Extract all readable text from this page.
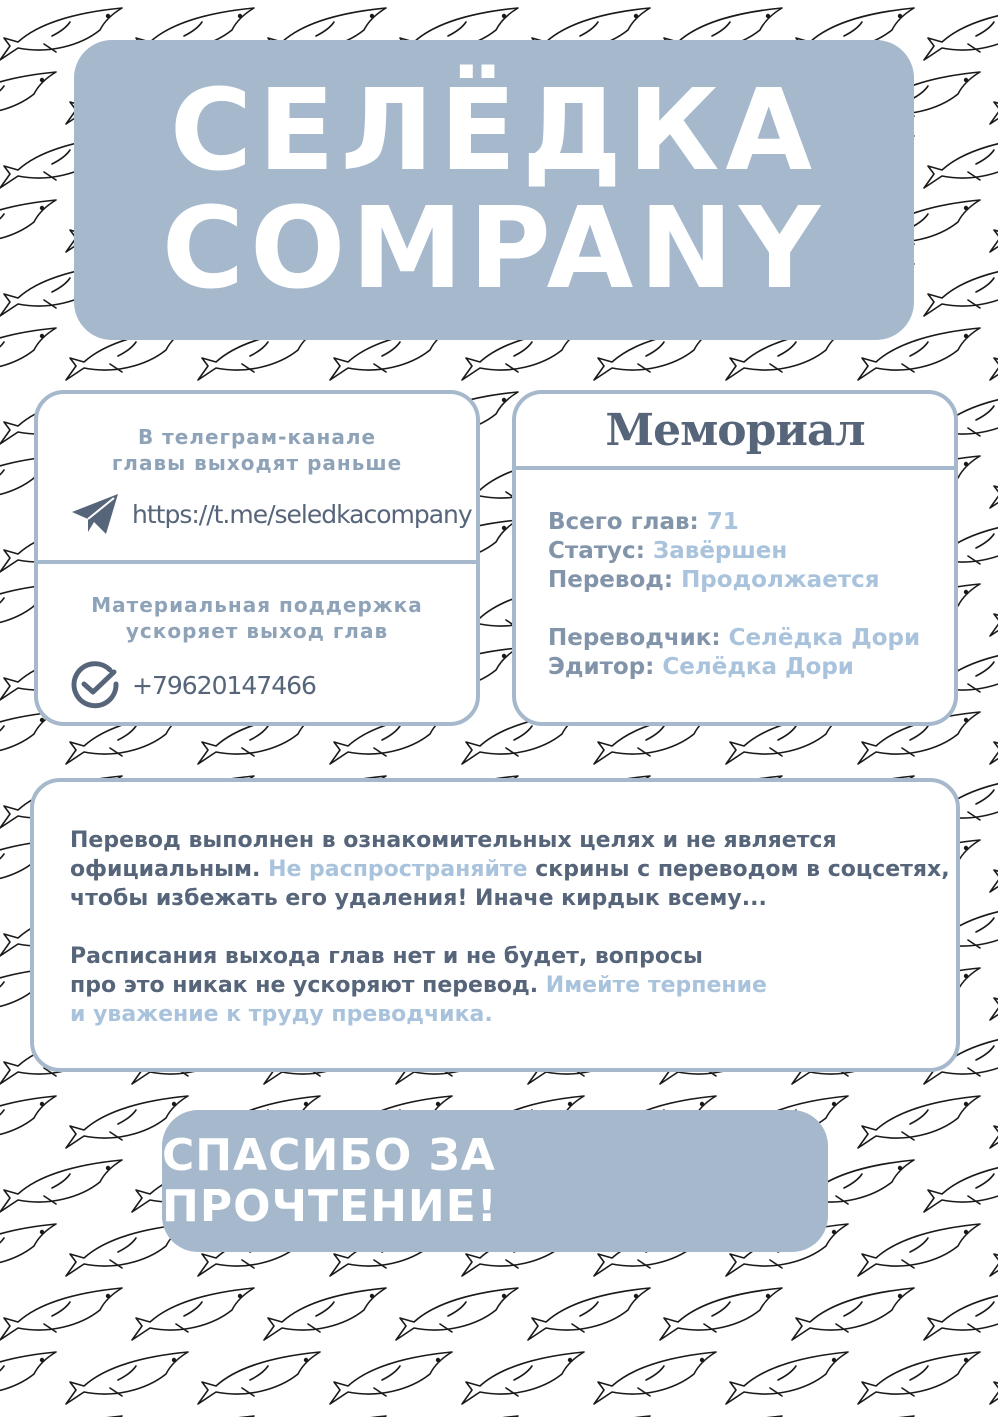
СЕЛЁДКА
COMPANY
В телеграм-канале
главы выходят раньше
https://t.me/seledkacompany
Материальная поддержка
ускоряет выход глав
+79620147466
Мемориал
Всего глав: 71
Статус: Завёршен
Перевод: Продолжается
Переводчик: Селёдка Дори
Эдитор: Селёдка Дори
Перевод выполнен в ознакомительных целях и не является
официальным. Не распространяйте скрины с переводом в соцсетях,
чтобы избежать его удаления! Иначе кирдык всему...
Расписания выхода глав нет и не будет, вопросы
про это никак не ускоряют перевод. Имейте терпение
и уважение к труду преводчика.
СПАСИБО ЗА ПРОЧТЕНИЕ!
